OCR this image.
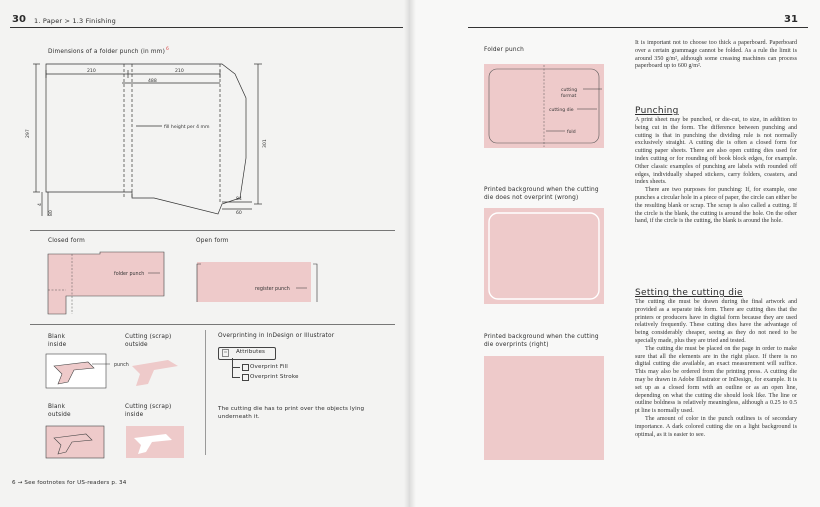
30 1. Paper > 1.3 Finishing
Dimensions of a folder punch (in mm)$^6$
210	210
488
fill height per 4 mm
297
301
4
80
84
60
Closed form
folder punch
Open form
register punch
Blank
inside
punch
Cutting (scrap)
outside
Blank
outside
Cutting (scrap)
inside
Overprinting in InDesign or Illustrator
Attributes
Overprint Fill
Overprint Stroke
The cutting die has to print over the objects lying
underneath it.
6 → See footnotes for US-readers p. 34
31
Folder punch
cutting
format
cutting die
fold
Printed background when the cutting
die does not overprint (wrong)
Printed background when the cutting
die overprints (right)
It is important not to choose too thick a paperboard. Paperboard over a certain grammage cannot be folded. As a rule the limit is around 350 g/m², although some creasing machines can process paperboard up to 600 g/m².
Punching
A print sheet may be punched, or die-cut, to size, in addition to being cut in the form. The difference between punching and cutting is that in punching the dividing rule is not normally exclusively straight. A cutting die is often a closed form for cutting paper sheets. There are also open cutting dies used for index cutting or for rounding off book block edges, for example. Other classic examples of punching are labels with rounded off edges, individually shaped stickers, carry folders, coasters, and index sheets.
There are two purposes for punching: If, for example, one punches a circular hole in a piece of paper, the circle can either be the resulting blank or scrap. The scrap is also called a cutting. If the circle is the blank, the cutting is around the hole. On the other hand, if the circle is the cutting, the blank is around the hole.
Setting the cutting die
The cutting die must be drawn during the final artwork and provided as a separate ink form. There are cutting dies that the printers or producers have in digital form because they are used relatively frequently. These cutting dies have the advantage of being considerably cheaper, seeing as they do not need to be specially made, plus they are tried and tested.
The cutting die must be placed on the page in order to make sure that all the elements are in the right place. If there is no digital cutting die available, an exact measurement will suffice. This may also be ordered from the printing press. A cutting die may be drawn in Adobe Illustrator or InDesign, for example. It is set up as a closed form with an outline or as an open line, depending on what the cutting die should look like. The line or outline boldness is relatively meaningless, although a 0.25 to 0.5 pt line is normally used.
The amount of color in the punch outlines is of secondary importance. A dark colored cutting die on a light background is optimal, as it is easier to see.
